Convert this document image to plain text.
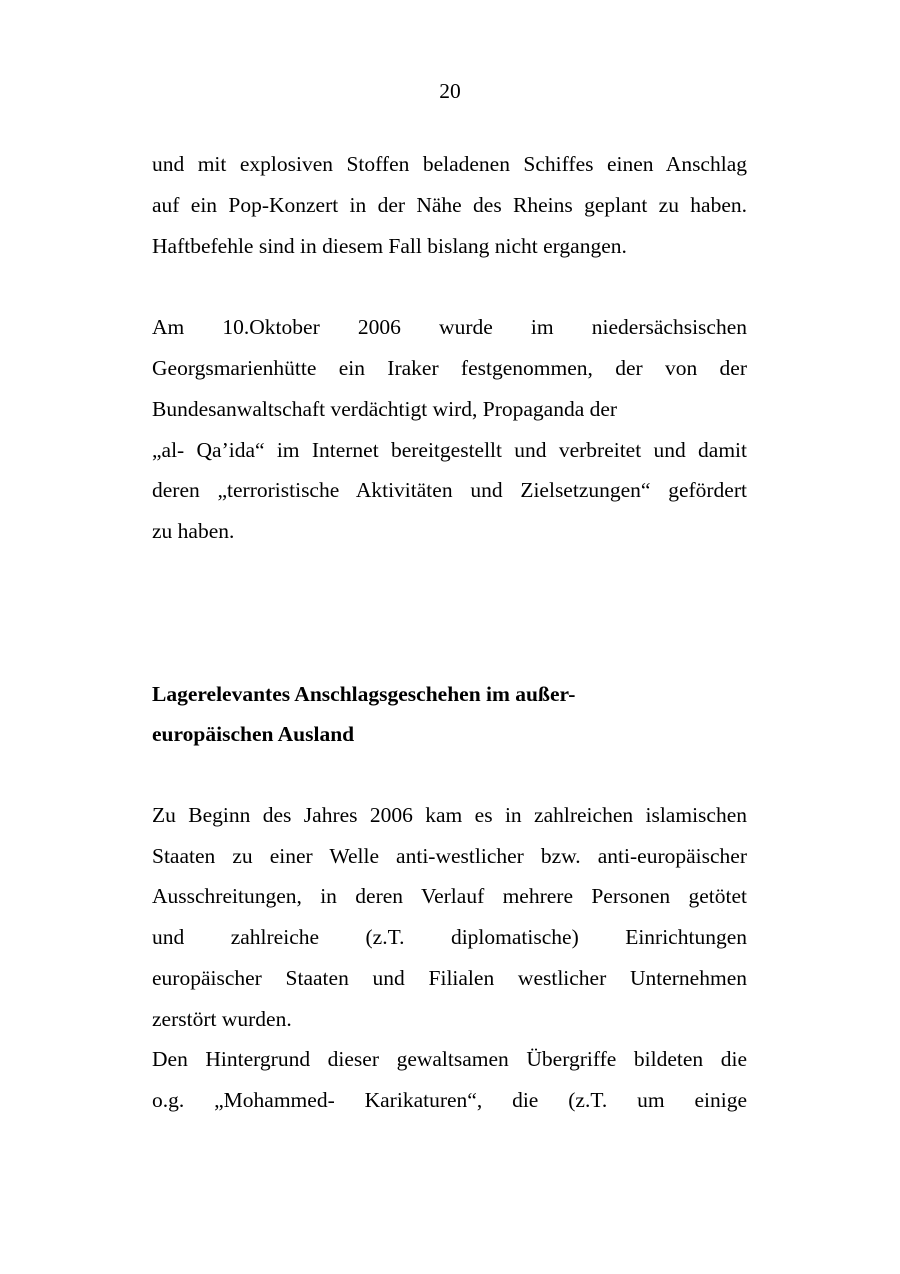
20
und mit explosiven Stoffen beladenen Schiffes einen Anschlag
auf ein Pop-Konzert in der Nähe des Rheins geplant zu haben.
Haftbefehle sind in diesem Fall bislang nicht ergangen.
Am 10.Oktober 2006 wurde im niedersächsischen
Georgsmarienhütte ein Iraker festgenommen, der von der
Bundesanwaltschaft verdächtigt wird, Propaganda der
„al- Qa’ida“ im Internet bereitgestellt und verbreitet und damit
deren „terroristische Aktivitäten und Zielsetzungen“ gefördert
zu haben.
Lagerelevantes Anschlagsgeschehen im außer-
europäischen Ausland
Zu Beginn des Jahres 2006 kam es in zahlreichen islamischen
Staaten zu einer Welle anti-westlicher bzw. anti-europäischer
Ausschreitungen, in deren Verlauf mehrere Personen getötet
und zahlreiche (z.T. diplomatische) Einrichtungen
europäischer Staaten und Filialen westlicher Unternehmen
zerstört wurden.
Den Hintergrund dieser gewaltsamen Übergriffe bildeten die
o.g. „Mohammed- Karikaturen“, die (z.T. um einige
